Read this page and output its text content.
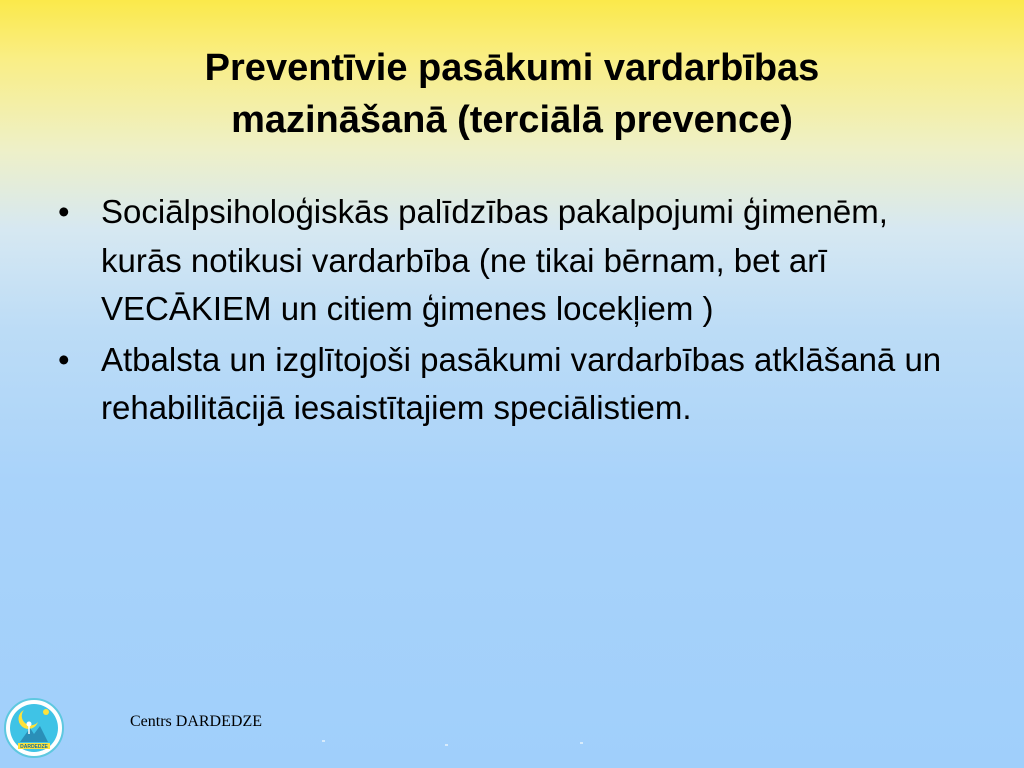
Preventīvie pasākumi vardarbības
mazināšanā (terciālā prevence)
• Sociālpsiholoģiskās palīdzības pakalpojumi ģimenēm, kurās notikusi vardarbība (ne tikai bērnam, bet arī VECĀKIEM un citiem ģimenes locekļiem )
• Atbalsta un izglītojoši pasākumi vardarbības atklāšanā un rehabilitācijā iesaistītajiem speciālistiem.
DARDEDZE
Centrs DARDEDZE
